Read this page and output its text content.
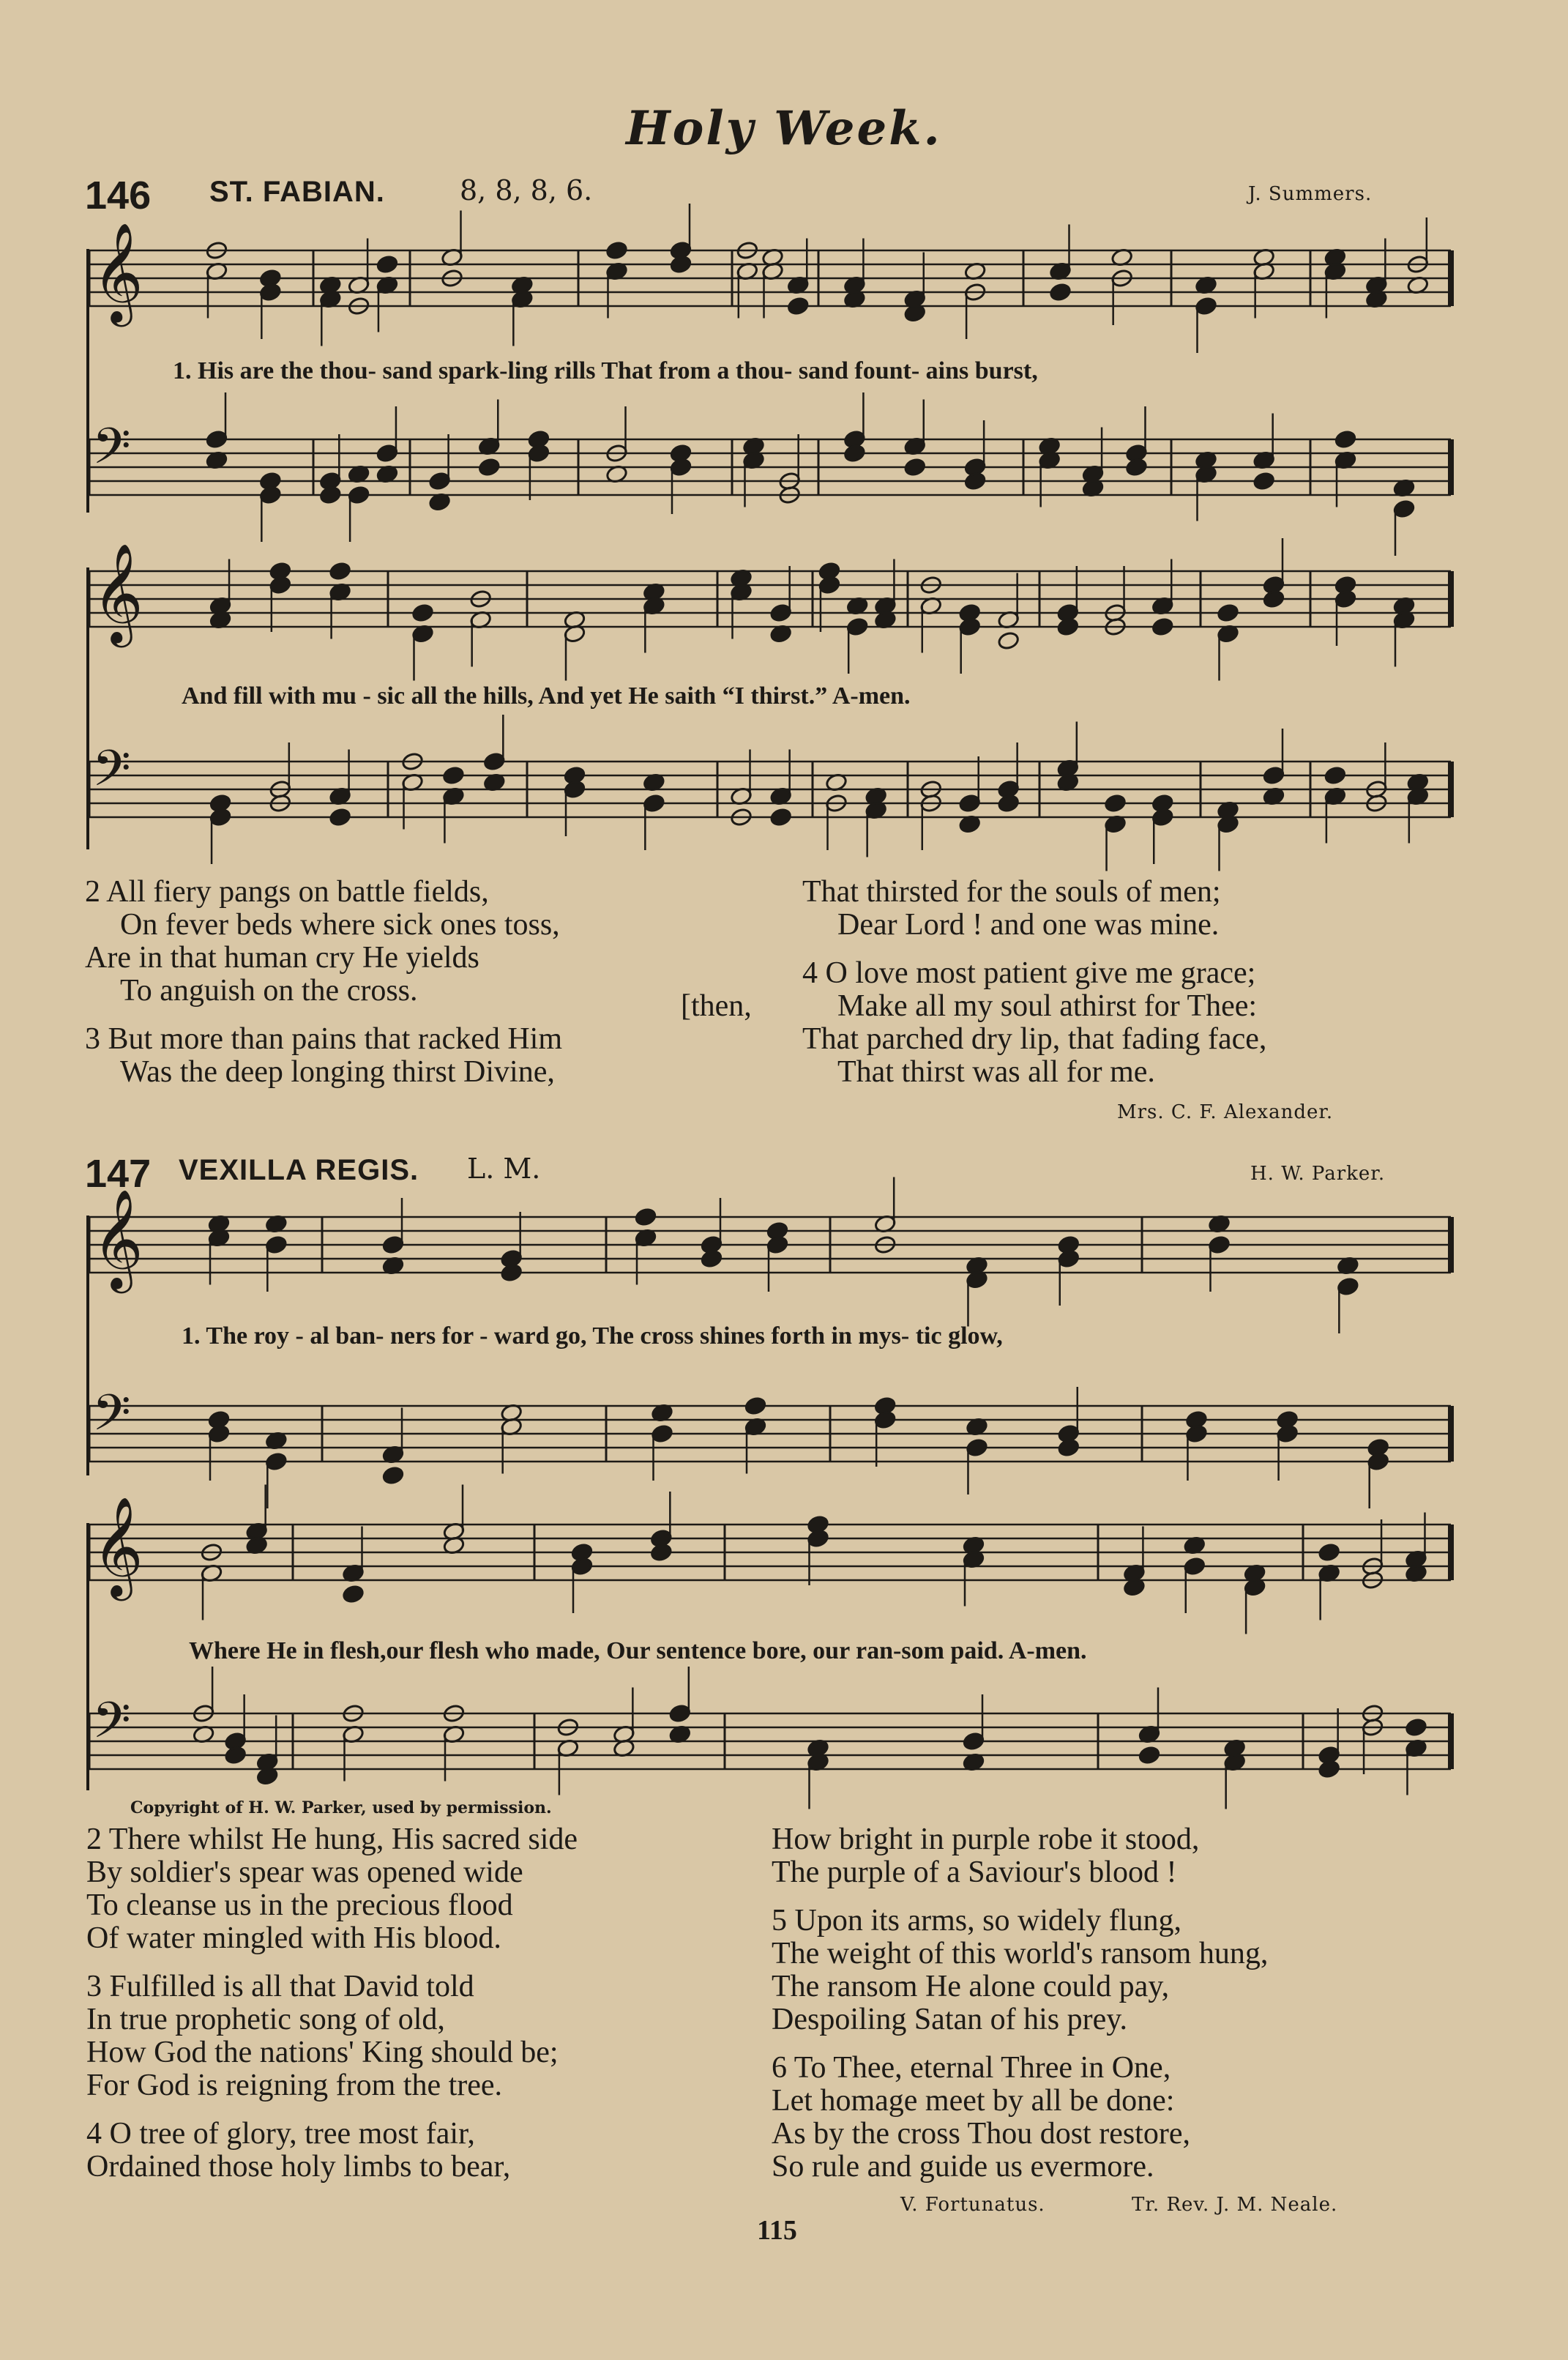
Holy Week.
146 ST. FABIAN.	8, 8, 8, 6.	J. Summers.
𝄞
𝄢
𝄞
𝄢
1. His are the thou- sand spark-ling rills That from a thou- sand fount- ains burst,
And fill with mu - sic all the hills, And yet He saith “I thirst.” A-men.

2 All fiery pangs on battle fields,
On fever beds where sick ones toss,
Are in that human cry He yields
To anguish on the cross.

3 But more than pains that racked Him
Was the deep longing thirst Divine,

[then,

That thirsted for the souls of men;
Dear Lord ! and one was mine.

4 O love most patient give me grace;
Make all my soul athirst for Thee:
That parched dry lip, that fading face,
That thirst was all for me.

Mrs. C. F. Alexander.
147 VEXILLA REGIS. L. M.	H. W. Parker.
𝄞
𝄢
𝄞
𝄢
1. The roy - al ban- ners for - ward go, The cross shines forth in mys- tic glow,
Where He in flesh,our flesh who made, Our sentence bore, our ran-som paid. A-men.
Copyright of H. W. Parker, used by permission.

2 There whilst He hung, His sacred side
By soldier's spear was opened wide
To cleanse us in the precious flood
Of water mingled with His blood.

3 Fulfilled is all that David told
In true prophetic song of old,
How God the nations' King should be;
For God is reigning from the tree.

4 O tree of glory, tree most fair,
Ordained those holy limbs to bear,

How bright in purple robe it stood,
The purple of a Saviour's blood !

5 Upon its arms, so widely flung,
The weight of this world's ransom hung,
The ransom He alone could pay,
Despoiling Satan of his prey.

6 To Thee, eternal Three in One,
Let homage meet by all be done:
As by the cross Thou dost restore,
So rule and guide us evermore.

V. Fortunatus.	Tr. Rev. J. M. Neale.
115
